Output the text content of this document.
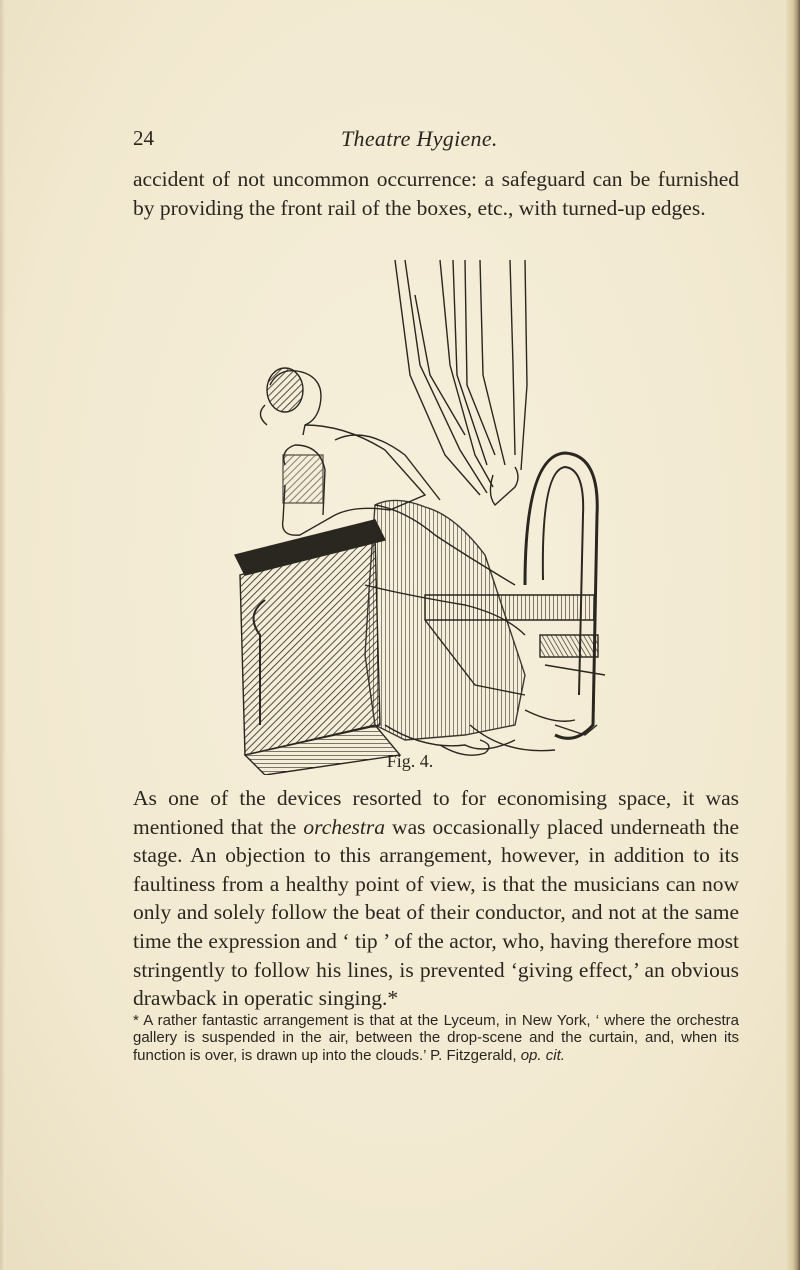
24	Theatre Hygiene.
accident of not uncommon occurrence: a safeguard can be furnished by providing the front rail of the boxes, etc., with turned-up edges.
Fig. 4.
As one of the devices resorted to for economising space, it was mentioned that the orchestra was occasionally placed underneath the stage. An objection to this arrangement, however, in addition to its faultiness from a healthy point of view, is that the musicians can now only and solely follow the beat of their conductor, and not at the same time the expression and ‘ tip ’ of the actor, who, having therefore most stringently to follow his lines, is prevented ‘giving effect,’ an obvious drawback in operatic singing.*
* A rather fantastic arrangement is that at the Lyceum, in New York, ‘ where the orchestra gallery is suspended in the air, between the drop-scene and the curtain, and, when its function is over, is drawn up into the clouds.’ P. Fitzgerald, op. cit.
